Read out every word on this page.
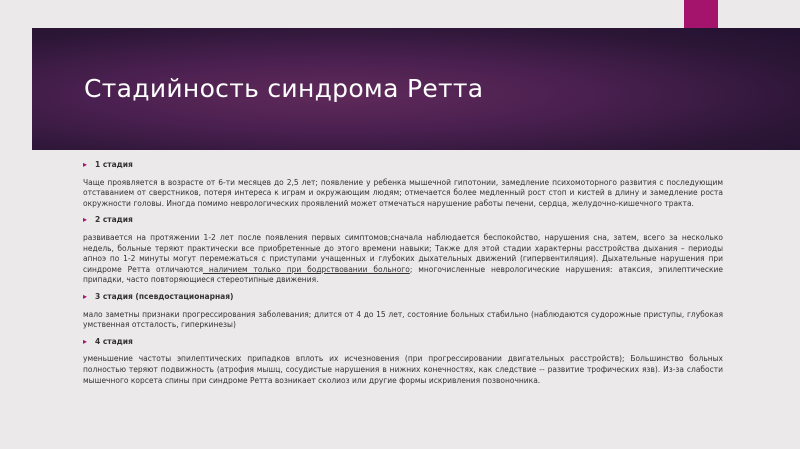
Стадийность синдрома Ретта
▸ 1 стадия

Чаще проявляется в возрасте от 6-ти месяцев до 2,5 лет; появление у ребенка мышечной гипотонии, замедление психомоторного развития с последующим отставанием от сверстников, потеря интереса к играм и окружающим людям; отмечается более медленный рост стоп и кистей в длину и замедление роста окружности головы. Иногда помимо неврологических проявлений может отмечаться нарушение работы печени, сердца, желудочно-кишечного тракта.

▸ 2 стадия

развивается на протяжении 1-2 лет после появления первых симптомов;сначала наблюдается беспокойство, нарушения сна, затем, всего за несколько недель, больные теряют практически все приобретенные до этого времени навыки; Также для этой стадии характерны расстройства дыхания – периоды апноэ по 1-2 минуты могут перемежаться с приступами учащенных и глубоких дыхательных движений (гипервентиляция). Дыхательные нарушения при синдроме Ретта отличаются наличием только при бодрствовании больного; многочисленные неврологические нарушения: атаксия, эпилептические припадки, часто повторяющиеся стереотипные движения.

▸ 3 стадия (псевдостационарная)

мало заметны признаки прогрессирования заболевания; длится от 4 до 15 лет, состояние больных стабильно (наблюдаются судорожные приступы, глубокая умственная отсталость, гиперкинезы)

▸ 4 стадия

уменьшение частоты эпилептических припадков вплоть их исчезновения (при прогрессировании двигательных расстройств); Большинство больных полностью теряют подвижность (атрофия мышц, сосудистые нарушения в нижних конечностях, как следствие -- развитие трофических язв). Из-за слабости мышечного корсета спины при синдроме Ретта возникает сколиоз или другие формы искривления позвоночника.
